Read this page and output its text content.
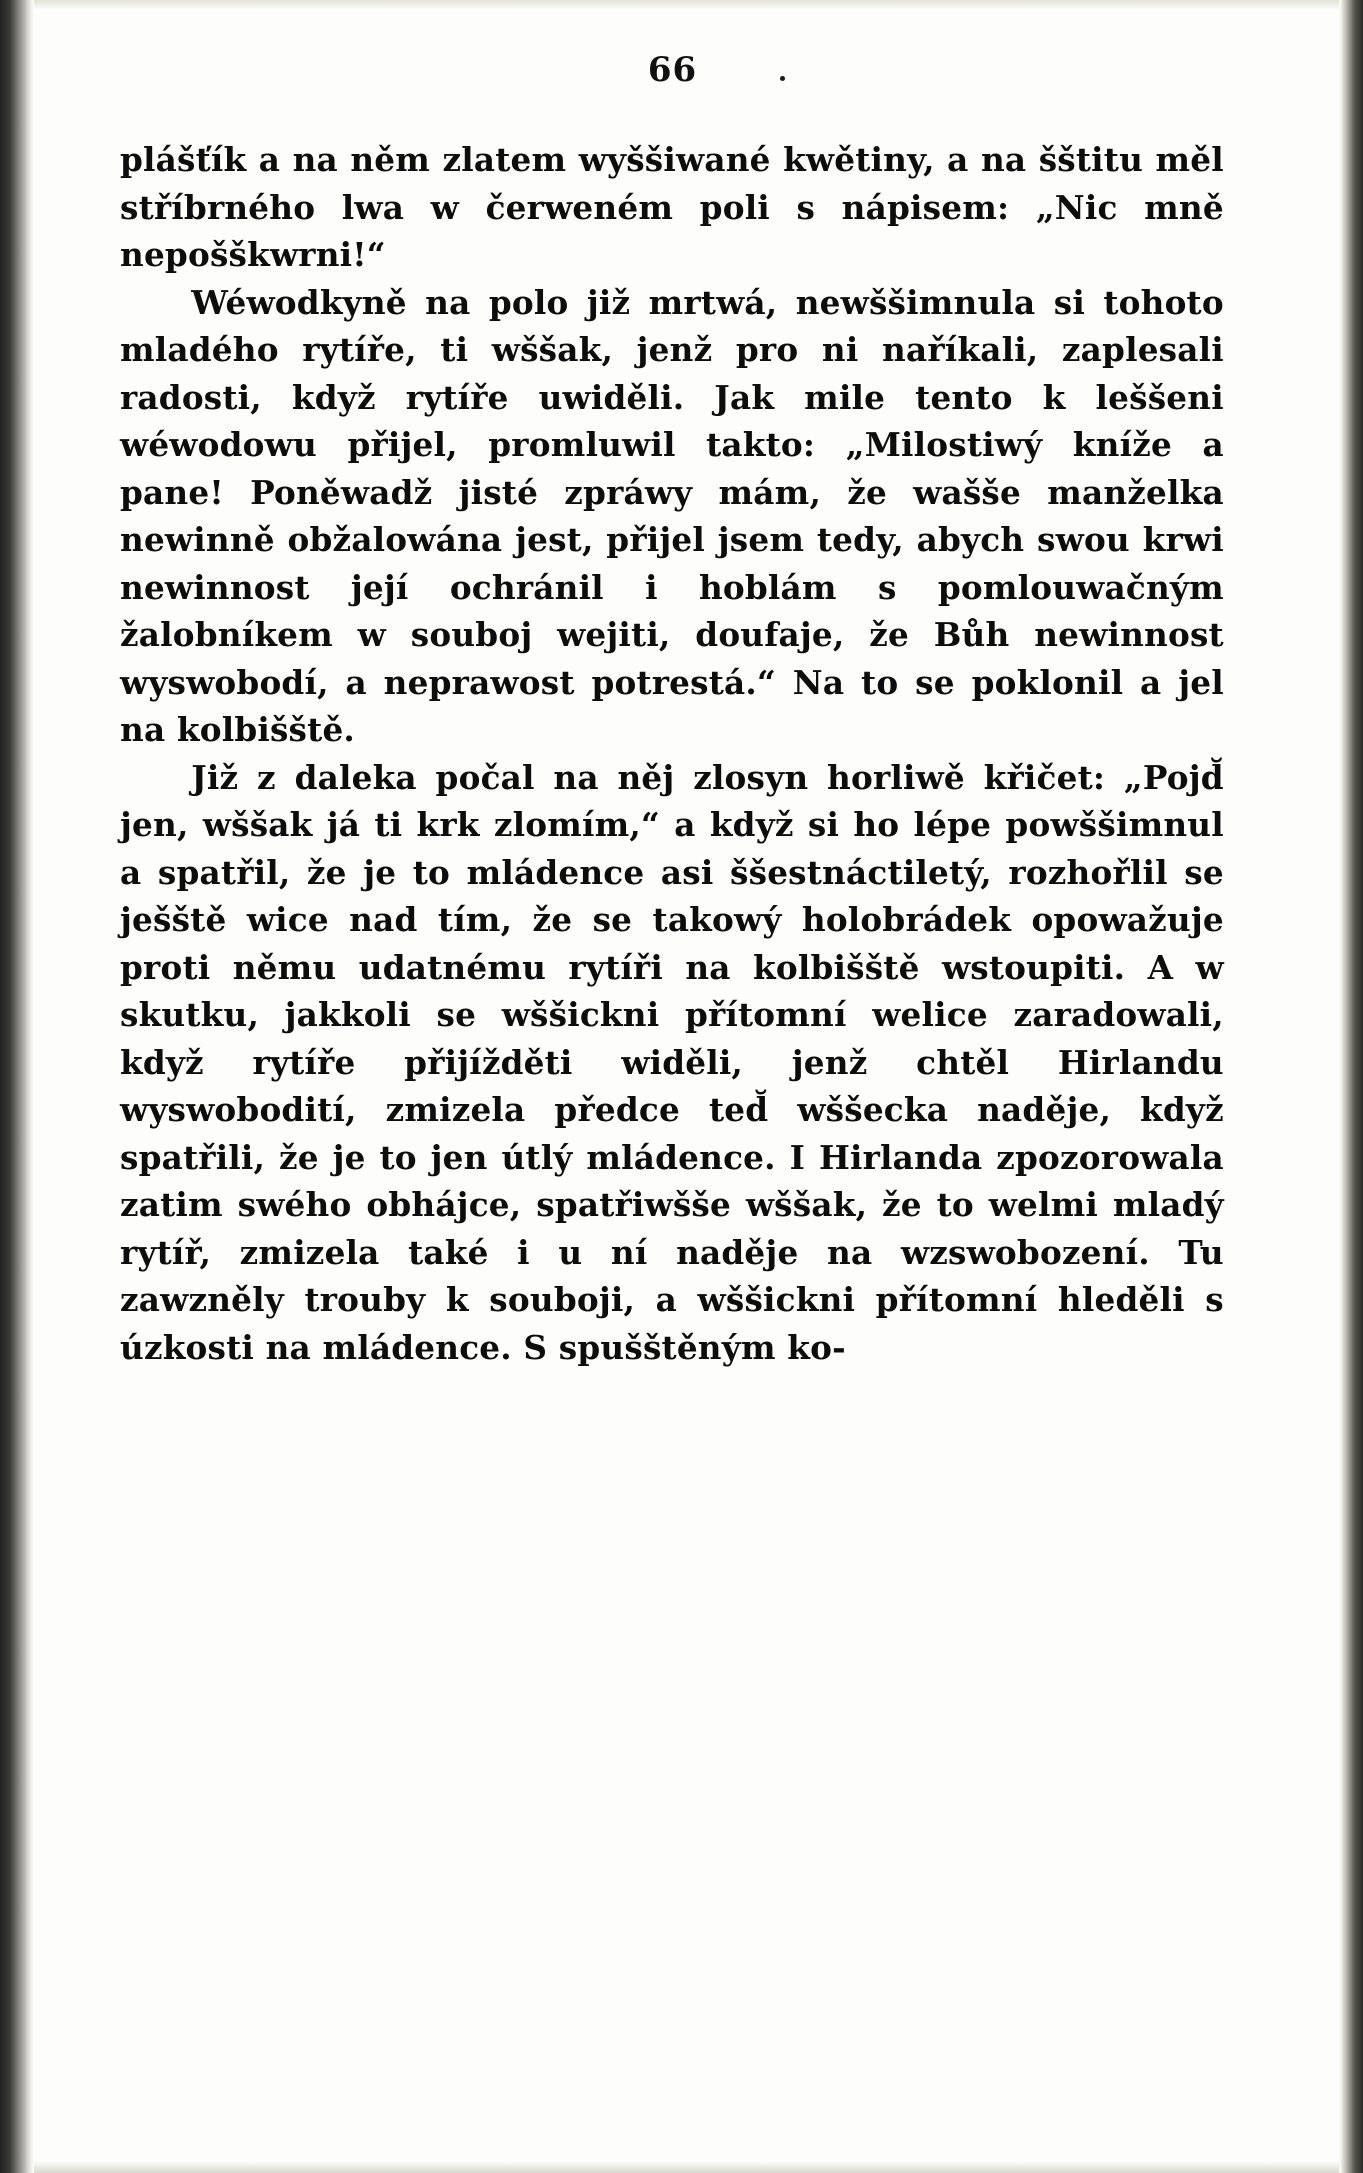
66

plášťík a na něm zlatem wyššiwané kwětiny, a na šštitu měl stříbrného lwa w čerweném poli s nápisem: „Nic mně nepošškwrni!“

Wéwodkyně na polo již mrtwá, newššimnula si tohoto mladého rytíře, ti wššak, jenž pro ni naříkali, zaplesali radosti, když rytíře uwiděli. Jak mile tento k leššeni wéwodowu přijel, promluwil takto: „Milostiwý kníže a pane! Poněwadž jisté zpráwy mám, že wašše manželka newinně obžalowána jest, přijel jsem tedy, abych swou krwi newinnost její ochránil i hoblám s pomlouwačným žalobníkem w souboj wejiti, doufaje, že Bůh newinnost wyswobodí, a neprawost potrestá.“ Na to se poklonil a jel na kolbišště.

Již z daleka počal na něj zlosyn horliwě křičet: „Pojd̆ jen, wššak já ti krk zlomím,“ a když si ho lépe powššimnul a spatřil, že je to mládence asi ššestnáctiletý, rozhořlil se ješště wice nad tím, že se takowý holobrádek opowažuje proti němu udatnému rytíři na kolbišště wstoupiti. A w skutku, jakkoli se wššickni přítomní welice zaradowali, když rytíře přijížděti widěli, jenž chtěl Hirlandu wyswobodití, zmizela předce ted̆ wššecka naděje, když spatřili, že je to jen útlý mládence. I Hirlanda zpozorowala zatim swého obhájce, spatřiwšše wššak, že to welmi mladý rytíř, zmizela také i u ní naděje na wzswobození. Tu zawzněly trouby k souboji, a wššickni přítomní hleděli s úzkosti na mládence. S spušštěným ko-
